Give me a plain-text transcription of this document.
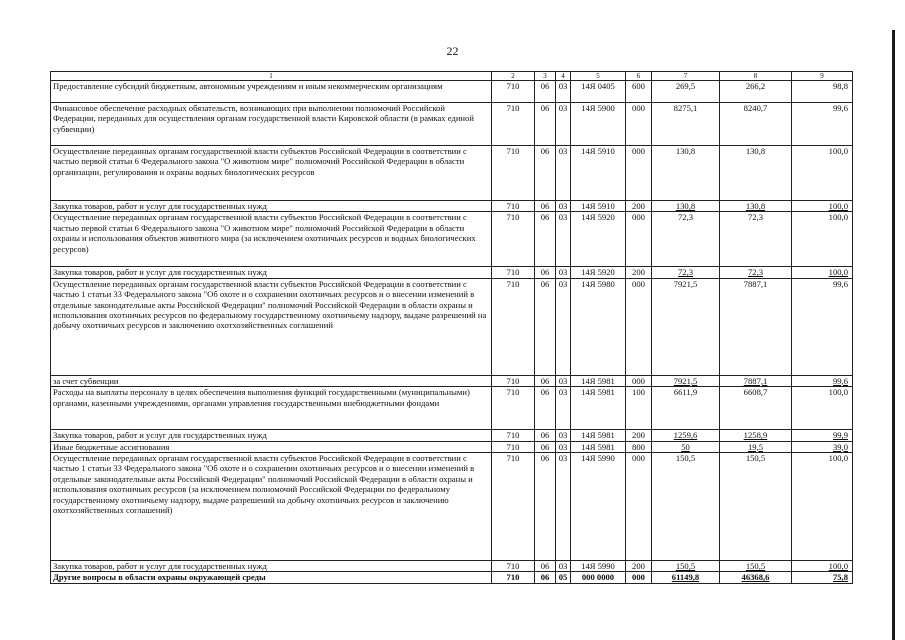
22
1	2	3	4	5	6	7	8	9
Предоставление субсидий бюджетным, автономным учреждениям и иным некоммерческим организациям	710	06	03	14Я 0405	600	269,5	266,2	98,8
Финансовое обеспечение расходных обязательств, возникающих при выполнении полномочий Российской Федерации, переданных для осуществления органам государственной власти Кировской области (в рамках единой субвенции)	710	06	03	14Я 5900	000	8275,1	8240,7	99,6
Осуществление переданных органам государственной власти субъектов Российской Федерации в соответствии с частью первой статьи 6 Федерального закона "О животном мире" полномочий Российской Федерации в области организации, регулирования и охраны водных биологических ресурсов	710	06	03	14Я 5910	000	130,8	130,8	100,0
Закупка товаров, работ и услуг для государственных нужд	710	06	03	14Я 5910	200	130,8	130,8	100,0
Осуществление переданных органам государственной власти субъектов Российской Федерации в соответствии с частью первой статьи 6 Федерального закона "О животном мире" полномочий Российской Федерации в области охраны и использования объектов животного мира (за исключением охотничьих ресурсов и водных биологических ресурсов)	710	06	03	14Я 5920	000	72,3	72,3	100,0
Закупка товаров, работ и услуг для государственных нужд	710	06	03	14Я 5920	200	72,3	72,3	100,0
Осуществление переданных органам государственной власти субъектов Российской Федерации в соответствии с частью 1 статьи 33 Федерального закона "Об охоте и о сохранении охотничьих ресурсов и о внесении изменений в отдельные законодательные акты Российской Федерации" полномочий Российской Федерации в области охраны и использования охотничьих ресурсов по федеральному государственному охотничьему надзору, выдаче разрешений на добычу охотничьих ресурсов и заключению охотхозяйственных соглашений	710	06	03	14Я 5980	000	7921,5	7887,1	99,6
за счет субвенции	710	06	03	14Я 5981	000	7921,5	7887,1	99,6
Расходы на выплаты персоналу в целях обеспечения выполнения функций государственными (муниципальными) органами, казенными учреждениями, органами управления государственными внебюджетными фондами	710	06	03	14Я 5981	100	6611,9	6608,7	100,0
Закупка товаров, работ и услуг для государственных нужд	710	06	03	14Я 5981	200	1259,6	1258,9	99,9
Иные бюджетные ассигнования	710	06	03	14Я 5981	800	50	19,5	39,0
Осуществление переданных органам государственной власти субъектов Российской Федерации в соответствии с частью 1 статьи 33 Федерального закона "Об охоте и о сохранении охотничьих ресурсов и о внесении изменений в отдельные законодательные акты Российской Федерации" полномочий Российской Федерации в области охраны и использования охотничьих ресурсов (за исключением полномочий Российской Федерации по федеральному государственному охотничьему надзору, выдаче разрешений на добычу охотничьих ресурсов и заключению охотхозяйственных соглашений)	710	06	03	14Я 5990	000	150,5	150,5	100,0
Закупка товаров, работ и услуг для государственных нужд	710	06	03	14Я 5990	200	150,5	150,5	100,0
Другие вопросы в области охраны окружающей среды	710	06	05	000 0000	000	61149,8	46368,6	75,8
